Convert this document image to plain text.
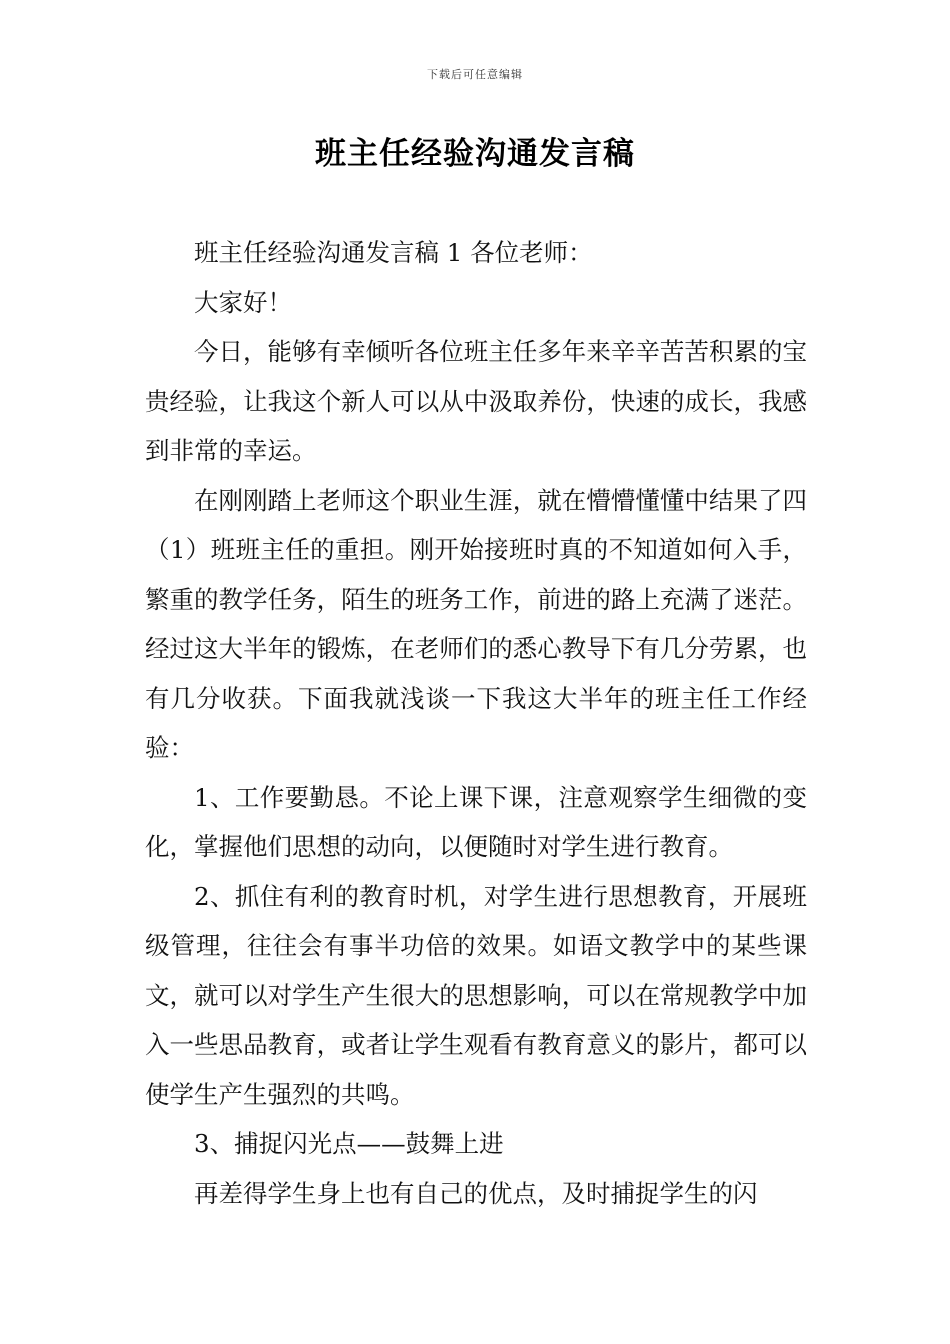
下载后可任意编辑
班主任经验沟通发言稿

班主任经验沟通发言稿 1 各位老师：

大家好！

今日，能够有幸倾听各位班主任多年来辛辛苦苦积累的宝贵经验，让我这个新人可以从中汲取养份，快速的成长，我感到非常的幸运。

在刚刚踏上老师这个职业生涯，就在懵懵懂懂中结果了四（1）班班主任的重担。刚开始接班时真的不知道如何入手，繁重的教学任务，陌生的班务工作，前进的路上充满了迷茫。经过这大半年的锻炼，在老师们的悉心教导下有几分劳累，也有几分收获。下面我就浅谈一下我这大半年的班主任工作经验：

1、工作要勤恳。不论上课下课，注意观察学生细微的变化，掌握他们思想的动向，以便随时对学生进行教育。

2、抓住有利的教育时机，对学生进行思想教育，开展班级管理，往往会有事半功倍的效果。如语文教学中的某些课文，就可以对学生产生很大的思想影响，可以在常规教学中加入一些思品教育，或者让学生观看有教育意义的影片，都可以使学生产生强烈的共鸣。

3、捕捉闪光点——鼓舞上进

再差得学生身上也有自己的优点，及时捕捉学生的闪
